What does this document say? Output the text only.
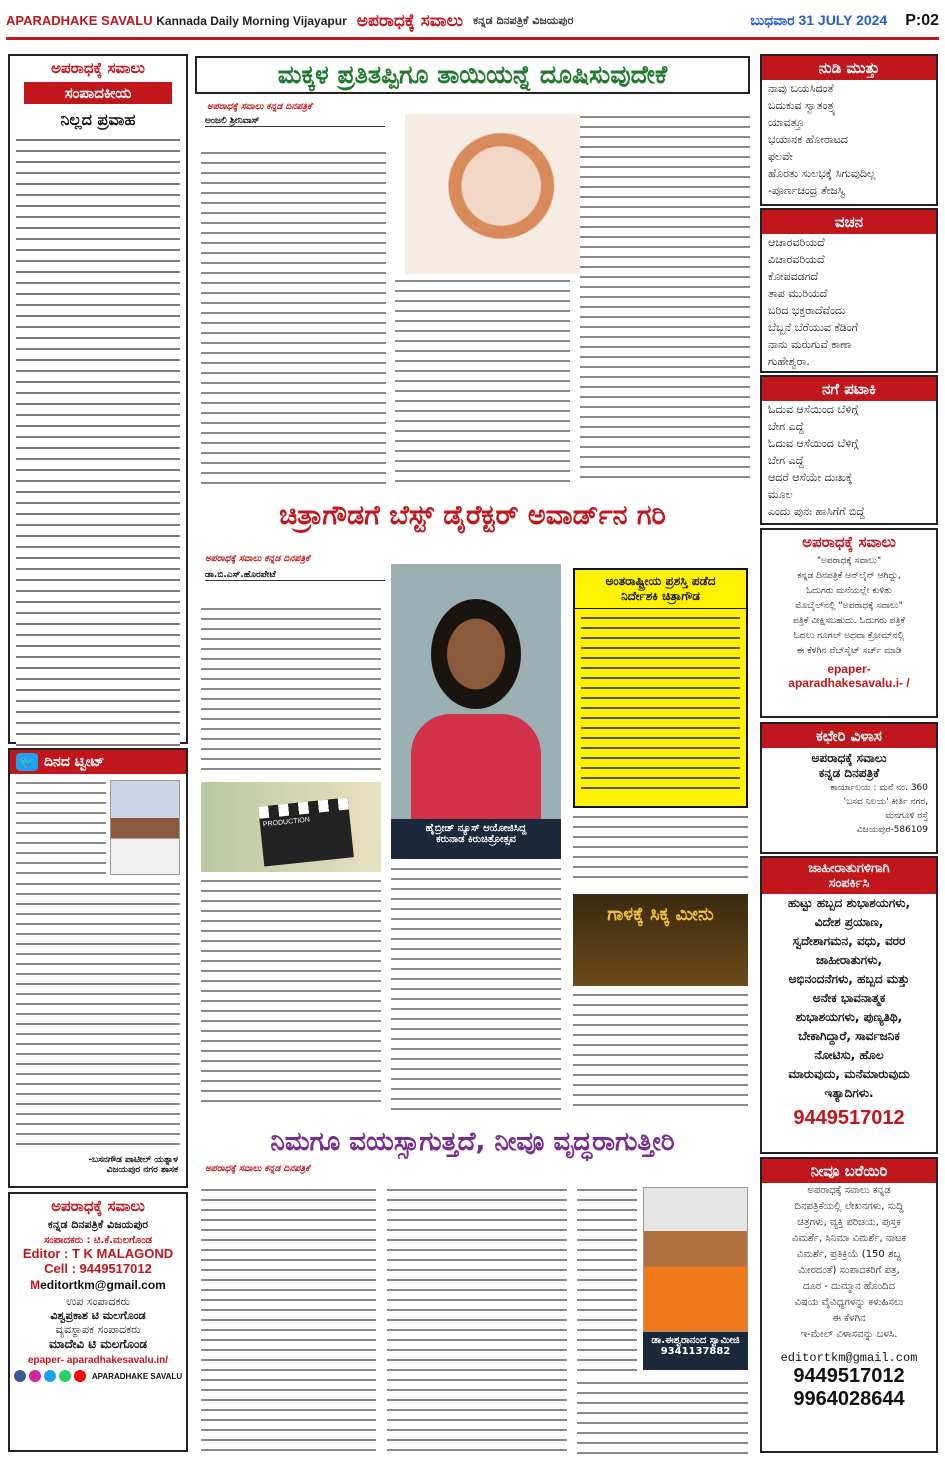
APARADHAKE SAVALU Kannada Daily Morning Vijayapur ಅಪರಾಧಕ್ಕೆ ಸವಾಲು ಕನ್ನಡ ದಿನಪತ್ರಿಕೆ ವಿಜಯಪುರ	ಬುಧವಾರ 31 JULY 2024 P:02
ಅಪರಾಧಕ್ಕೆ ಸವಾಲು
ಸಂಪಾದಕೀಯ
ನಿಲ್ಲದ ಪ್ರವಾಹ
🐦 ದಿನದ ಟ್ವೀಟ್
-ಬಸನಗೌಡ ಪಾಟೀಲ್ ಯತ್ನಾಳ
ವಿಜಯಪುರ ನಗರ ಶಾಸಕ
ಅಪರಾಧಕ್ಕೆ ಸವಾಲು
ಕನ್ನಡ ದಿನಪತ್ರಿಕೆ ವಿಜಯಪುರ
ಸಂಪಾದಕರು : ಟಿ.ಕೆ.ಮಲಗೊಂಡ
Editor : T K MALAGOND
Cell : 9449517012
Meditortkm@gmail.com
ಉಪ ಸಂಪಾದಕರು
ವಿಶ್ವಪ್ರಕಾಶ ಟಿ ಮಲಗೊಂಡ
ವ್ಯವಸ್ಥಾಪಕ ಸಂಪಾದಕರು
ಮಾದೇವಿ ಟಿ ಮಲಗೊಂಡ
epaper- aparadhakesavalu.in/
APARADHAKE SAVALU
ಮಕ್ಕಳ ಪ್ರತಿತಪ್ಪಿಗೂ ತಾಯಿಯನ್ನೆ ದೂಷಿಸುವುದೇಕೆ
ಅಪರಾಧಕ್ಕೆ ಸವಾಲು ಕನ್ನಡ ದಿನಪತ್ರಿಕೆ
ಅಂಜಲಿ ಶ್ರೀನಿವಾಸ್
ಚಿತ್ರಾಗೌಡಗೆ ಬೆಸ್ಟ್ ಡೈರೆಕ್ಟರ್ ಅವಾರ್ಡ್‌ನ ಗರಿ
ಅಪರಾಧಕ್ಕೆ ಸವಾಲು ಕನ್ನಡ ದಿನಪತ್ರಿಕೆ
ಡಾ.ಬಿ.ಎಸ್.ಹೊರಪೇಟೆ
PRODUCTION
ಹೈಬ್ರೀಡ್ ನ್ಯೂಸ್ ಆಯೋಜಿಸಿದ್ದ
ಕರುನಾಡ ಕಿರುಚಿತ್ರೋತ್ಸವ
ಅಂತರಾಷ್ಟ್ರೀಯ ಪ್ರಶಸ್ತಿ ಪಡೆದ
ನಿರ್ದೇಶಕಿ ಚಿತ್ರಾಗೌಡ
ಗಾಳಕ್ಕೆ ಸಿಕ್ಕ ಮೀನು
ನಿಮಗೂ ವಯಸ್ಸಾಗುತ್ತದೆ, ನೀವೂ ವೃದ್ಧರಾಗುತ್ತೀರಿ
ಅಪರಾಧಕ್ಕೆ ಸವಾಲು ಕನ್ನಡ ದಿನಪತ್ರಿಕೆ
ಡಾ.ಈಶ್ವರಾನಂದ ಸ್ವಾಮೀಜಿ
9341137882
ನುಡಿ ಮುತ್ತು
ನಾವು ಬಯಸಿದಂತೆ
ಬದುಕುವ ಸ್ವಾತಂತ್ರ್ಯ
ಯಾವತ್ತೂ
ಭಯಾನಕ ಹೋರಾಟದ
ಫಲವೇ
ಹೊರತು ಸುಲಭಕ್ಕೆ ಸಿಗುವುದಿಲ್ಲ
-ಪೂರ್ಣಚಂದ್ರ ತೇಜಸ್ವಿ
ವಚನ
ಆಚಾರವರಿಯದೆ
ವಿಚಾರವರಿಯದೆ
ಕೋಪವಡಗದೆ
ತಾಪ ಮುರಿಯದೆ
ಬರಿದ ಭಕ್ತರಾದೆವೆಂದು
ಬೆಬ್ಬನೆ ಬೆರೆಯುವ ಕೆಡಿಂಗೆ
ನಾನು ಮರುಗುವೆ ಕಾಣಾ
ಗುಹೇಶ್ವರಾ.
ನಗೆ ಪಟಾಕಿ
ಓದುವ ಆಸೆಯಿಂದ ಬೆಳಿಗ್ಗೆ
ಬೇಗ ಎದ್ದೆ
ಓದುವ ಆಸೆಯಿಂದ ಬೆಳಿಗ್ಗೆ
ಬೇಗ ಎದ್ದೆ
ಆದರೆ ಆಸೆಯೇ ದುಃಖಕ್ಕೆ
ಮೂಲ
ಎಂದು ಪುನಃ ಹಾಸಿಗೆಗೆ ಬಿದ್ದೆ
ಅಪರಾಧಕ್ಕೆ ಸವಾಲು
"ಅಪರಾಧಕ್ಕೆ ಸವಾಲು"
ಕನ್ನಡ ದಿನಪತ್ರಿಕೆ ಆನ್‌ಲೈನ್ ಆಗಿದ್ದು,
ಓದುಗರು ಮನೆಯಲ್ಲೇ ಕುಳಿತು
ಮೊಬೈಲ್‌ನಲ್ಲಿ "ಅಪರಾಧಕ್ಕೆ ಸವಾಲು"
ಪತ್ರಿಕೆ ವೀಕ್ಷಿಸಬಹುದು. ಓದುಗರು ಪತ್ರಿಕೆ
ಓದಲು ಗೂಗಲ್ ಅಥವಾ ಕ್ರೋಮ್‌ನಲ್ಲಿ
ಈ ಕೆಳಗಿನ ವೆಬ್‌ಸೈಟ್ ಸರ್ಚ್ ಮಾಡಿ
epaper-
aparadhakesavalu.i- /
ಕಛೇರಿ ವಿಳಾಸ
ಅಪರಾಧಕ್ಕೆ ಸವಾಲು
ಕನ್ನಡ ದಿನಪತ್ರಿಕೆ
ಕಾರ್ಯಾಲಯ : ಮನೆ ನಂ. 360
'ಬಸವ ನಿಲಯ' ಕೀರ್ತಿ ನಗರ,
ಮನಗೂಳಿ ರಸ್ತೆ
ವಿಜಯಪುರ-586109
ಜಾಹೀರಾತುಗಳಿಗಾಗಿ
ಸಂಪರ್ಕಿಸಿ
ಹುಟ್ಟು ಹಬ್ಬದ ಶುಭಾಶಯಗಳು,
ವಿದೇಶ ಪ್ರಯಾಣ,
ಸ್ವದೇಶಾಗಮನ, ವಧು, ವರರ
ಜಾಹೀರಾತುಗಳು,
ಅಭಿನಂದನೆಗಳು, ಹಬ್ಬದ ಮತ್ತು
ಅನೇಕ ಭಾವನಾತ್ಮಕ
ಶುಭಾಶಯಗಳು, ಪುಣ್ಯತಿಥಿ,
ಬೇಕಾಗಿದ್ದಾರೆ, ಸಾರ್ವಜನಿಕ
ನೋಟಿಸು, ಹೊಲ
ಮಾರುವುದು, ಮನೆಮಾರುವುದು
ಇತ್ಯಾದಿಗಳು.
9449517012
ನೀವೂ ಬರೆಯಿರಿ
ಅಪರಾಧಕ್ಕೆ ಸವಾಲು ಕನ್ನಡ
ದಿನಪತ್ರಿಕೆಯಲ್ಲಿ ಲೇಖನಗಳು, ಸುದ್ದಿ
ಚಿತ್ರಗಳು, ವ್ಯಕ್ತಿ ಪರಿಚಯ, ಪುಸ್ತಕ
ವಿಮರ್ಶೆ, ಸಿನಿಮಾ ವಿಮರ್ಶೆ, ನಾಟಕ
ವಿಮರ್ಶೆ, ಪ್ರತಿಕ್ರಿಯೆ (150 ಶಬ್ದ
ಮೀರದಂತೆ) ಸಂಪಾದಕರಿಗೆ ಪತ್ರ,
ದೂರ - ದುಮ್ಮಾನ ಹೊಂದಿದ
ವಿಷಯ ವೈವಿಧ್ಯಗಳನ್ನು ಕಳುಹಿಸಲು
ಈ ಕೆಳಗಿನ
ಇ-ಮೇಲ್ ವಿಳಾಸವನ್ನು ಬಳಸಿ.
editortkm@gmail.com
9449517012
9964028644
